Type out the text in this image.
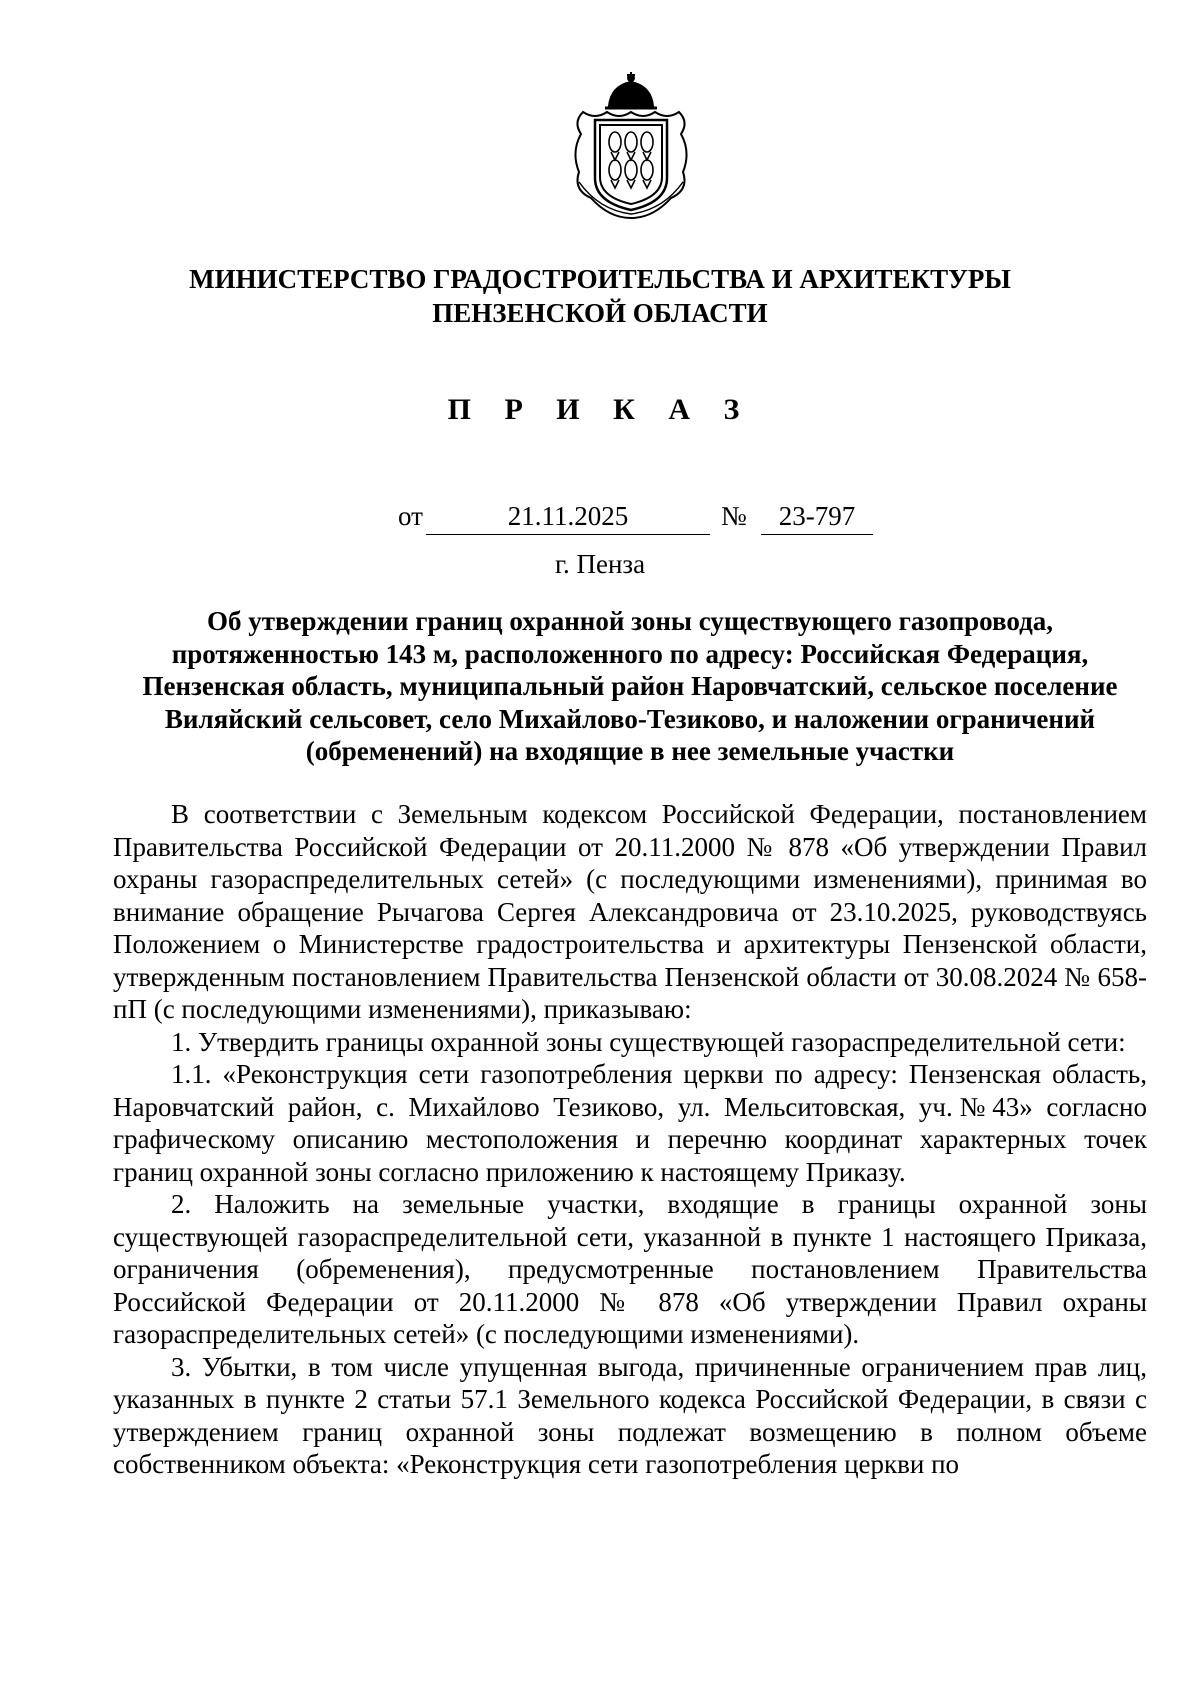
МИНИСТЕРСТВО ГРАДОСТРОИТЕЛЬСТВА И АРХИТЕКТУРЫ
ПЕНЗЕНСКОЙ ОБЛАСТИ
П Р И К А З
от	21.11.2025	№	23-797
г. Пенза
Об утверждении границ охранной зоны существующего газопровода,
протяженностью 143 м, расположенного по адресу: Российская Федерация,
Пензенская область, муниципальный район Наровчатский, сельское поселение
Виляйский сельсовет, село Михайлово-Тезиково, и наложении ограничений
(обременений) на входящие в нее земельные участки

В соответствии с Земельным кодексом Российской Федерации, постановлением Правительства Российской Федерации от 20.11.2000 № 878 «Об утверждении Правил охраны газораспределительных сетей» (с последующими изменениями), принимая во внимание обращение Рычагова Сергея Александровича от 23.10.2025, руководствуясь Положением о Министерстве градостроительства и архитектуры Пензенской области, утвержденным постановлением Правительства Пензенской области от 30.08.2024 № 658-пП (с последующими изменениями), приказываю:

1. Утвердить границы охранной зоны существующей газораспределительной сети:

1.1. «Реконструкция сети газопотребления церкви по адресу: Пензенская область, Наровчатский район, с. Михайлово Тезиково, ул. Мельситовская, уч.№43» согласно графическому описанию местоположения и перечню координат характерных точек границ охранной зоны согласно приложению к настоящему Приказу.

2. Наложить на земельные участки, входящие в границы охранной зоны существующей газораспределительной сети, указанной в пункте 1 настоящего Приказа, ограничения (обременения), предусмотренные постановлением Правительства Российской Федерации от 20.11.2000 № 878 «Об утверждении Правил охраны газораспределительных сетей» (с последующими изменениями).

3. Убытки, в том числе упущенная выгода, причиненные ограничением прав лиц, указанных в пункте 2 статьи 57.1 Земельного кодекса Российской Федерации, в связи с утверждением границ охранной зоны подлежат возмещению в полном объеме собственником объекта: «Реконструкция сети газопотребления церкви по
